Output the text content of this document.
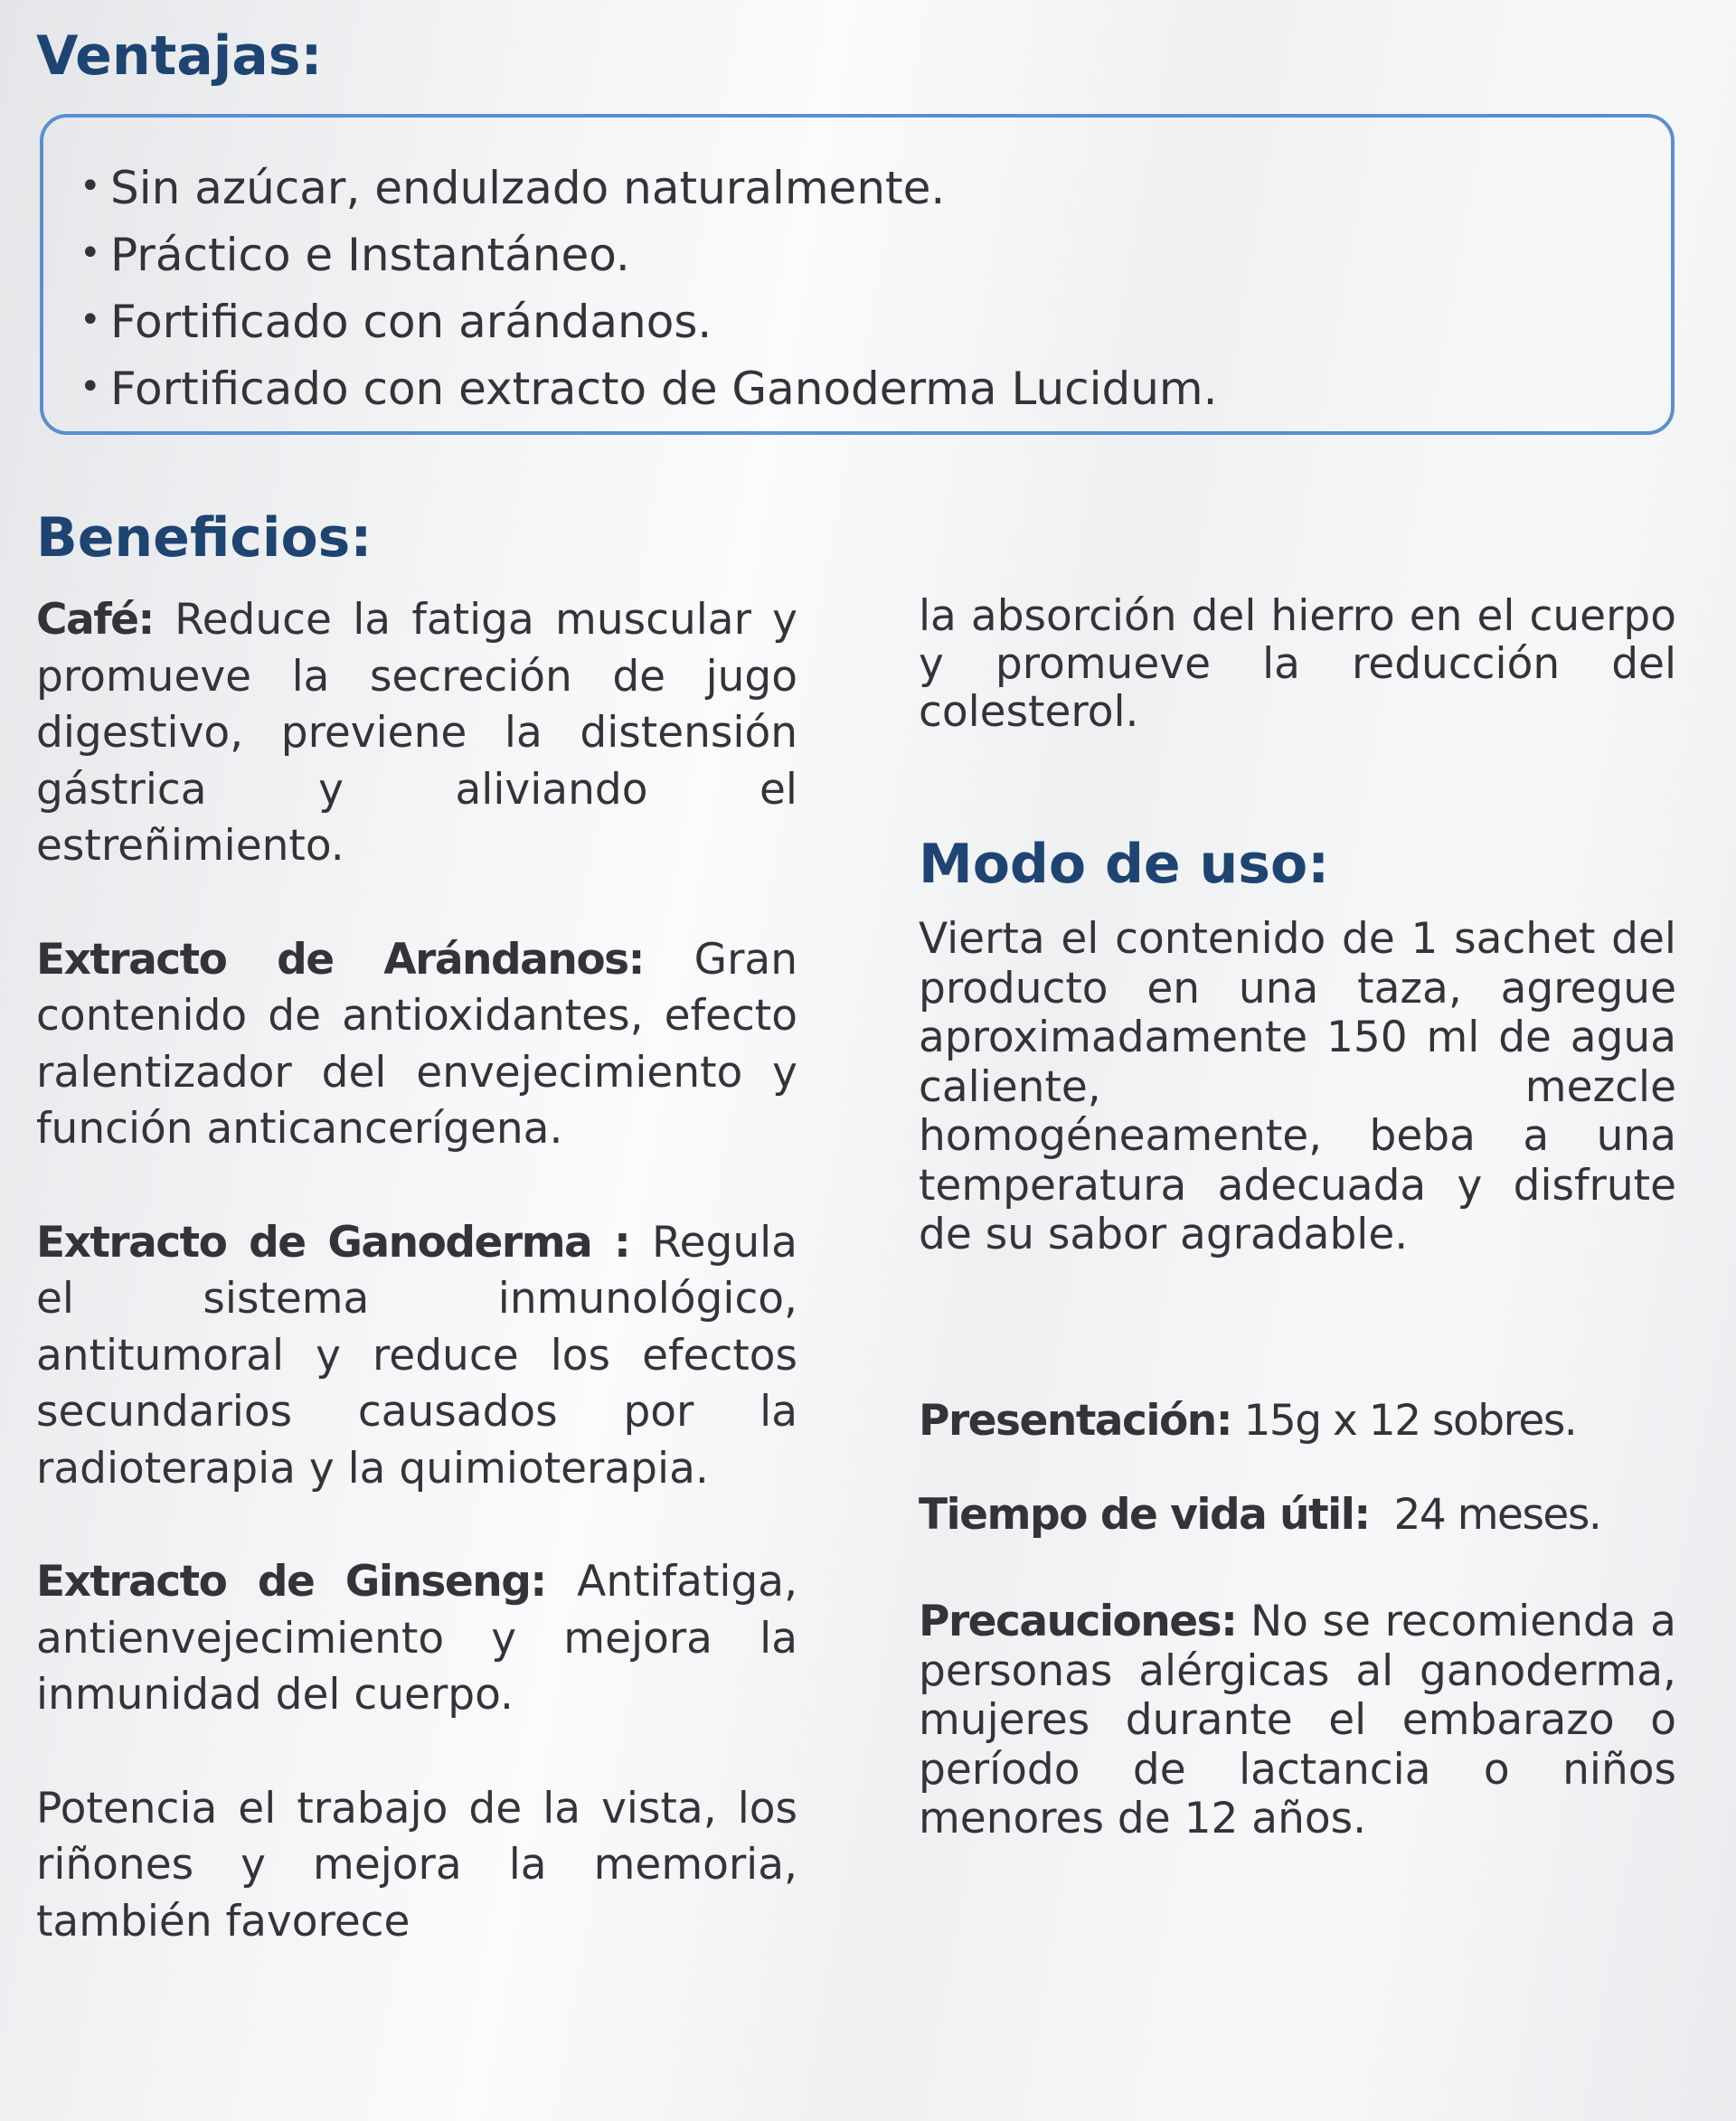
Ventajas:
• Sin azúcar, endulzado naturalmente.
• Práctico e Instantáneo.
• Fortificado con arándanos.
• Fortificado con extracto de Ganoderma Lucidum.
Beneficios:

Café: Reduce la fatiga muscular y promueve la secreción de jugo digestivo, previene la distensión gástrica y aliviando el estreñimiento.

Extracto de Arándanos: Gran contenido de antioxidantes, efecto ralentizador del envejecimiento y función anticancerígena.

Extracto de Ganoderma : Regula el sistema inmunológico, antitumoral y reduce los efectos secundarios causados por la radioterapia y la quimioterapia.

Extracto de Ginseng: Antifatiga, antienvejecimiento y mejora la inmunidad del cuerpo.

Potencia el trabajo de la vista, los riñones y mejora la memoria, también favorece

la absorción del hierro en el cuerpo y promueve la reducción del colesterol.

Modo de uso:

Vierta el contenido de 1 sachet del producto en una taza, agregue aproximadamente 150 ml de agua caliente, mezcle homogéneamente, beba a una temperatura adecuada y disfrute de su sabor agradable.

Presentación: 15g x 12 sobres.

Tiempo de vida útil:  24 meses.

Precauciones: No se recomienda a personas alérgicas al ganoderma, mujeres durante el embarazo o período de lactancia o niños menores de 12 años.
